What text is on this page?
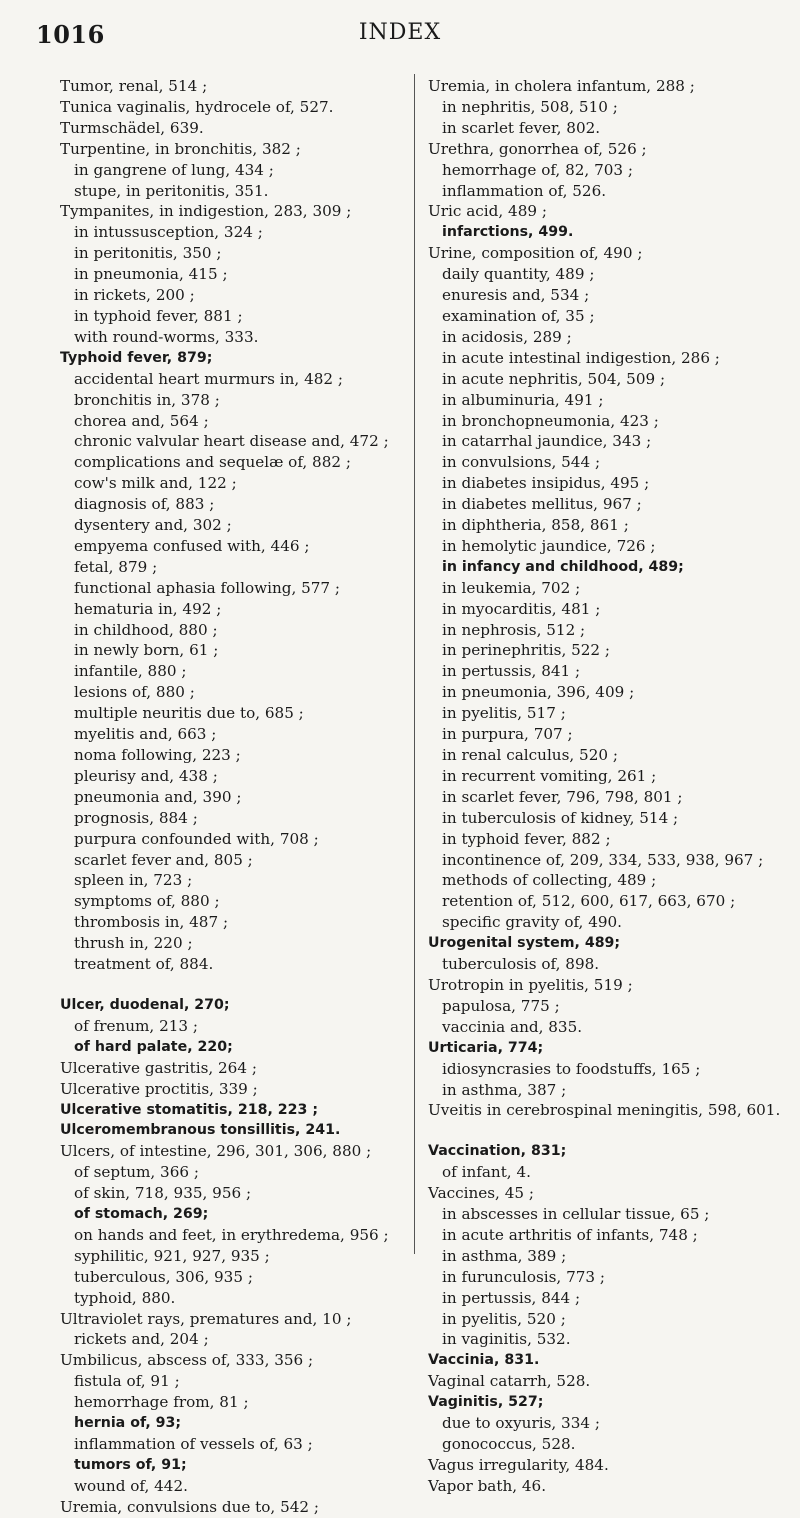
1016	INDEX
Tumor, renal, 514 ;
Tunica vaginalis, hydrocele of, 527.
Turmschädel, 639.
Turpentine, in bronchitis, 382 ;
in gangrene of lung, 434 ;
stupe, in peritonitis, 351.
Tympanites, in indigestion, 283, 309 ;
in intussusception, 324 ;
in peritonitis, 350 ;
in pneumonia, 415 ;
in rickets, 200 ;
in typhoid fever, 881 ;
with round-worms, 333.
Typhoid fever, 879;
accidental heart murmurs in, 482 ;
bronchitis in, 378 ;
chorea and, 564 ;
chronic valvular heart disease and, 472 ;
complications and sequelæ of, 882 ;
cow's milk and, 122 ;
diagnosis of, 883 ;
dysentery and, 302 ;
empyema confused with, 446 ;
fetal, 879 ;
functional aphasia following, 577 ;
hematuria in, 492 ;
in childhood, 880 ;
in newly born, 61 ;
infantile, 880 ;
lesions of, 880 ;
multiple neuritis due to, 685 ;
myelitis and, 663 ;
noma following, 223 ;
pleurisy and, 438 ;
pneumonia and, 390 ;
prognosis, 884 ;
purpura confounded with, 708 ;
scarlet fever and, 805 ;
spleen in, 723 ;
symptoms of, 880 ;
thrombosis in, 487 ;
thrush in, 220 ;
treatment of, 884.
Ulcer, duodenal, 270;
of frenum, 213 ;
of hard palate, 220;
Ulcerative gastritis, 264 ;
Ulcerative proctitis, 339 ;
Ulcerative stomatitis, 218, 223 ;
Ulceromembranous tonsillitis, 241.
Ulcers, of intestine, 296, 301, 306, 880 ;
of septum, 366 ;
of skin, 718, 935, 956 ;
of stomach, 269;
on hands and feet, in erythredema, 956 ;
syphilitic, 921, 927, 935 ;
tuberculous, 306, 935 ;
typhoid, 880.
Ultraviolet rays, prematures and, 10 ;
rickets and, 204 ;
Umbilicus, abscess of, 333, 356 ;
fistula of, 91 ;
hemorrhage from, 81 ;
hernia of, 93;
inflammation of vessels of, 63 ;
tumors of, 91;
wound of, 442.
Uremia, convulsions due to, 542 ;
Uremia, in cholera infantum, 288 ;
in nephritis, 508, 510 ;
in scarlet fever, 802.
Urethra, gonorrhea of, 526 ;
hemorrhage of, 82, 703 ;
inflammation of, 526.
Uric acid, 489 ;
infarctions, 499.
Urine, composition of, 490 ;
daily quantity, 489 ;
enuresis and, 534 ;
examination of, 35 ;
in acidosis, 289 ;
in acute intestinal indigestion, 286 ;
in acute nephritis, 504, 509 ;
in albuminuria, 491 ;
in bronchopneumonia, 423 ;
in catarrhal jaundice, 343 ;
in convulsions, 544 ;
in diabetes insipidus, 495 ;
in diabetes mellitus, 967 ;
in diphtheria, 858, 861 ;
in hemolytic jaundice, 726 ;
in infancy and childhood, 489;
in leukemia, 702 ;
in myocarditis, 481 ;
in nephrosis, 512 ;
in perinephritis, 522 ;
in pertussis, 841 ;
in pneumonia, 396, 409 ;
in pyelitis, 517 ;
in purpura, 707 ;
in renal calculus, 520 ;
in recurrent vomiting, 261 ;
in scarlet fever, 796, 798, 801 ;
in tuberculosis of kidney, 514 ;
in typhoid fever, 882 ;
incontinence of, 209, 334, 533, 938, 967 ;
methods of collecting, 489 ;
retention of, 512, 600, 617, 663, 670 ;
specific gravity of, 490.
Urogenital system, 489;
tuberculosis of, 898.
Urotropin in pyelitis, 519 ;
papulosa, 775 ;
vaccinia and, 835.
Urticaria, 774;
idiosyncrasies to foodstuffs, 165 ;
in asthma, 387 ;
Uveitis in cerebrospinal meningitis, 598, 601.
Vaccination, 831;
of infant, 4.
Vaccines, 45 ;
in abscesses in cellular tissue, 65 ;
in acute arthritis of infants, 748 ;
in asthma, 389 ;
in furunculosis, 773 ;
in pertussis, 844 ;
in pyelitis, 520 ;
in vaginitis, 532.
Vaccinia, 831.
Vaginal catarrh, 528.
Vaginitis, 527;
due to oxyuris, 334 ;
gonococcus, 528.
Vagus irregularity, 484.
Vapor bath, 46.
